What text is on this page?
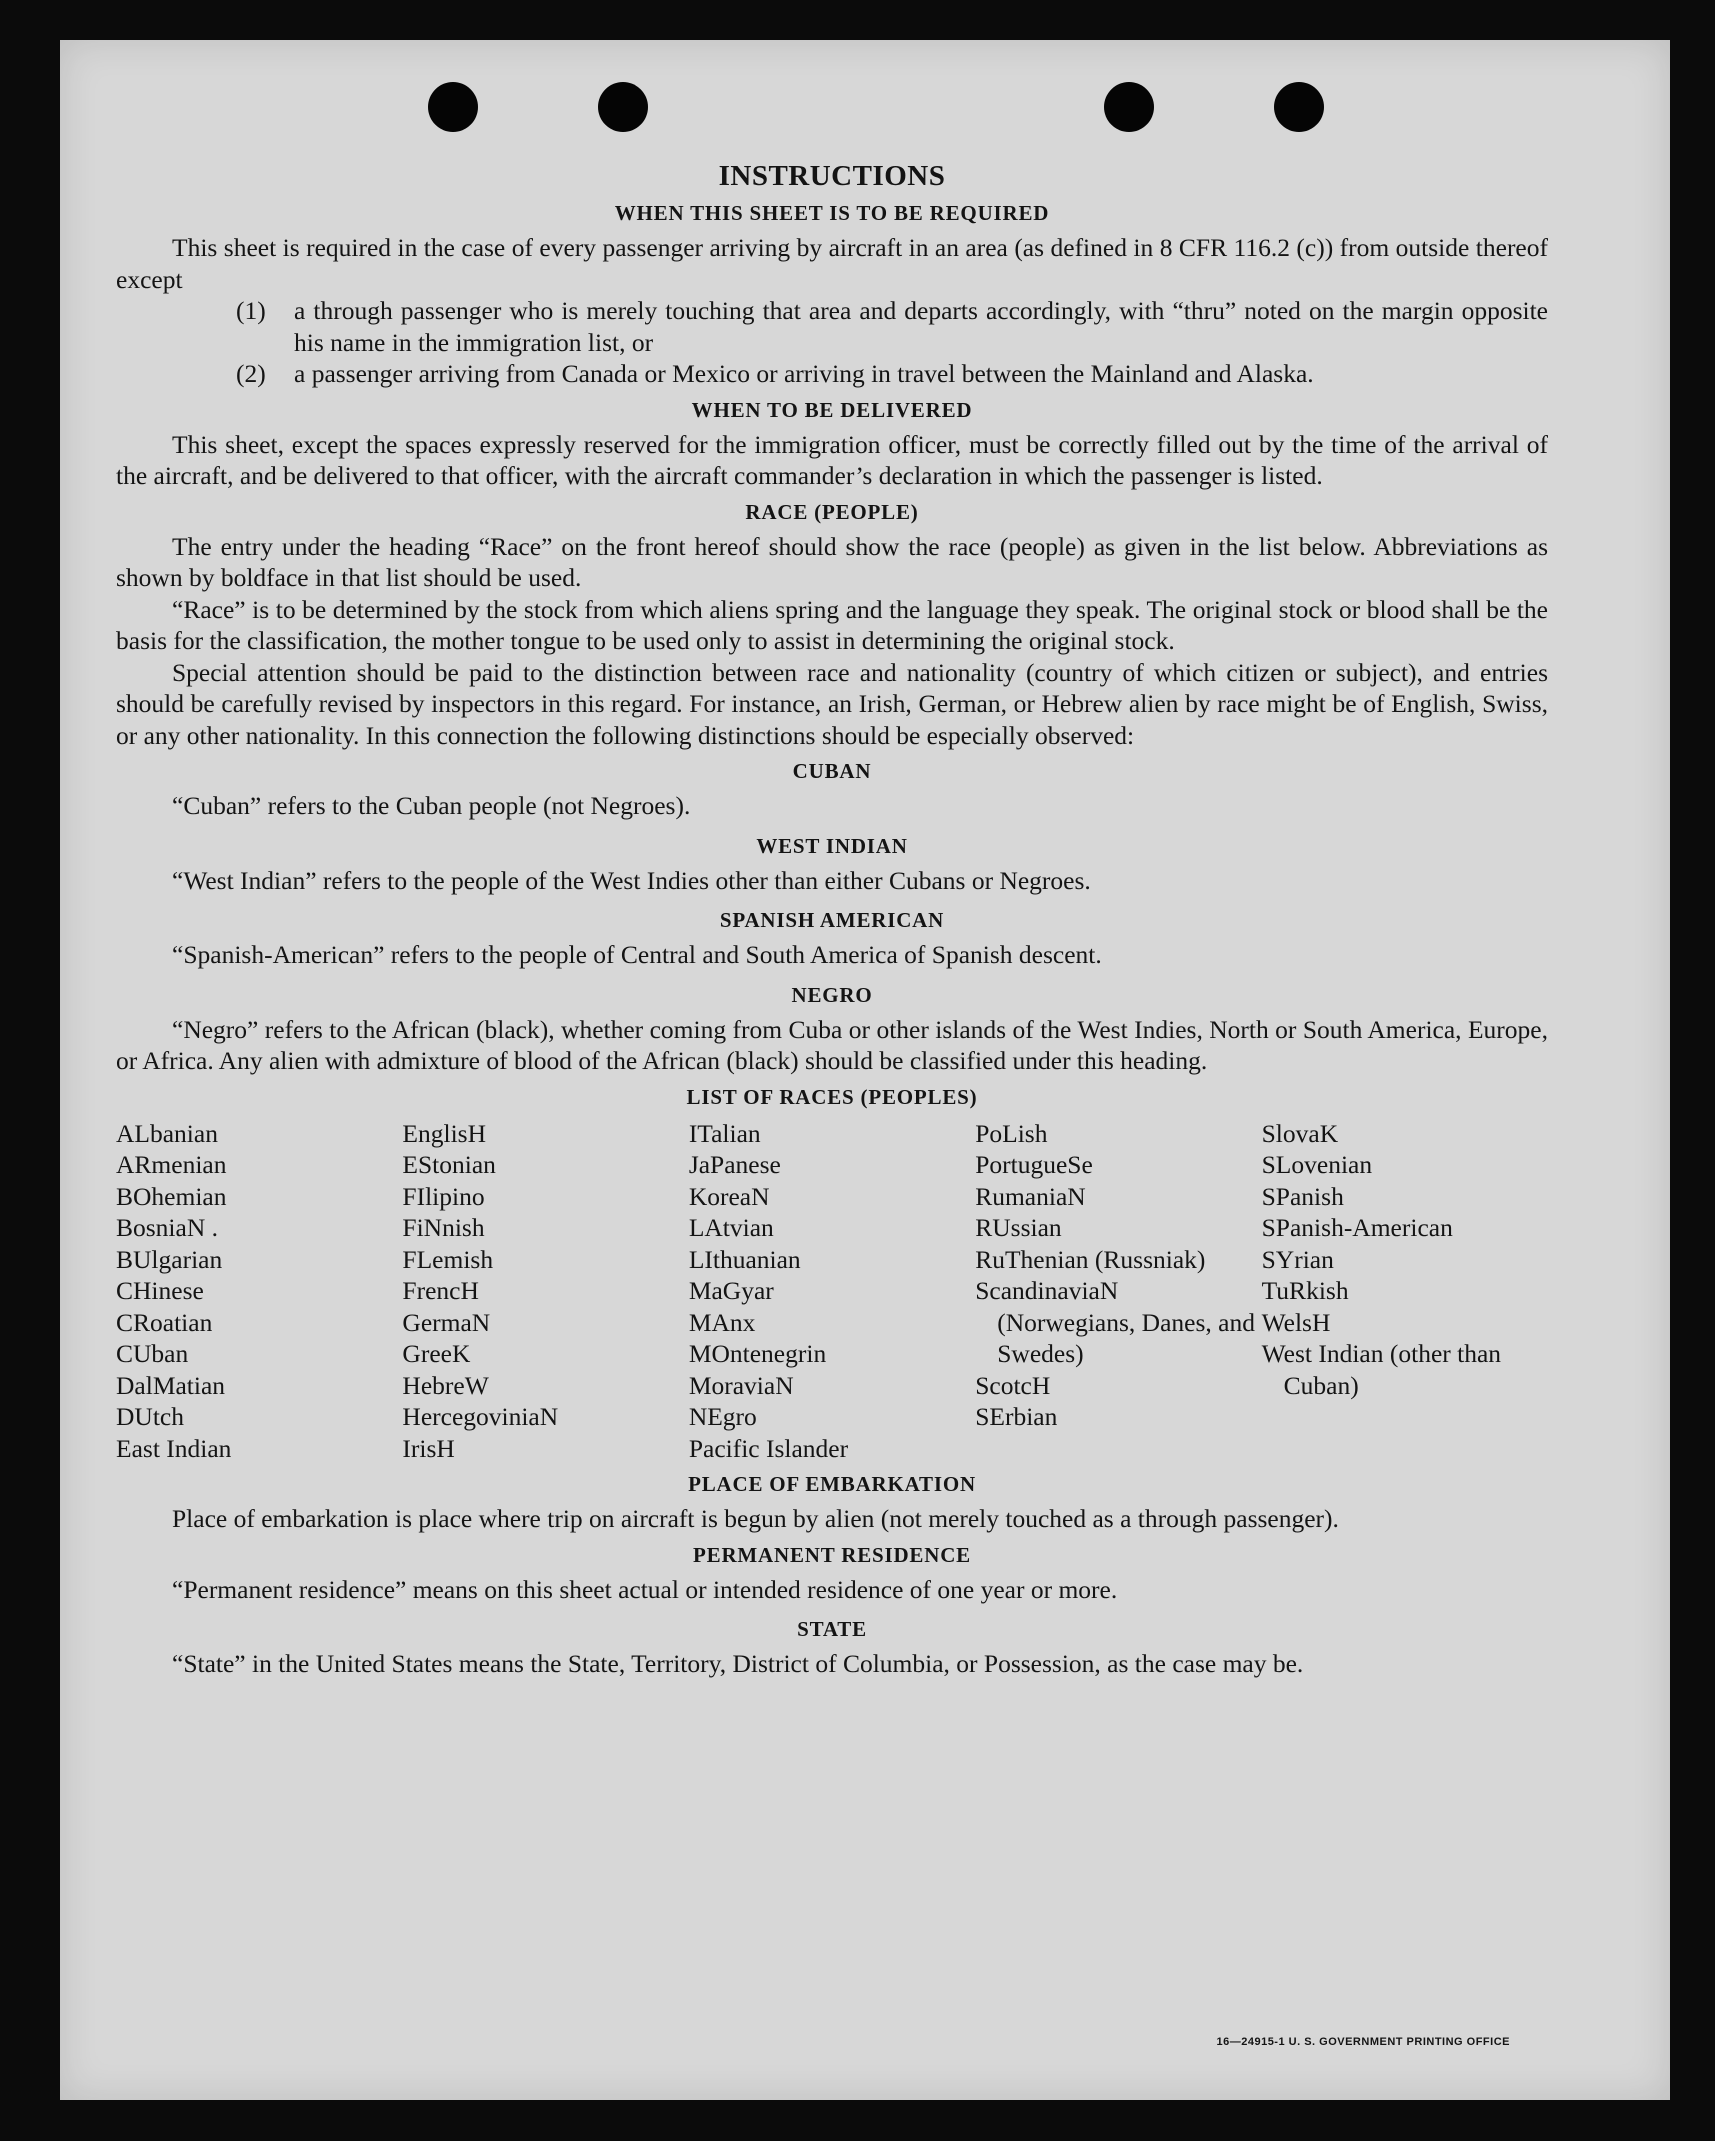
INSTRUCTIONS
WHEN THIS SHEET IS TO BE REQUIRED

This sheet is required in the case of every passenger arriving by aircraft in an area (as defined in 8 CFR 116.2 (c)) from outside thereof except

(1)	a through passenger who is merely touching that area and departs accordingly, with “thru” noted on the margin opposite his name in the immigration list, or
(2)	a passenger arriving from Canada or Mexico or arriving in travel between the Mainland and Alaska.
WHEN TO BE DELIVERED

This sheet, except the spaces expressly reserved for the immigration officer, must be correctly filled out by the time of the arrival of the aircraft, and be delivered to that officer, with the aircraft commander’s declaration in which the passenger is listed.

RACE (PEOPLE)

The entry under the heading “Race” on the front hereof should show the race (people) as given in the list below. Abbreviations as shown by boldface in that list should be used.

“Race” is to be determined by the stock from which aliens spring and the language they speak. The original stock or blood shall be the basis for the classification, the mother tongue to be used only to assist in determining the original stock.

Special attention should be paid to the distinction between race and nationality (country of which citizen or subject), and entries should be carefully revised by inspectors in this regard. For instance, an Irish, German, or Hebrew alien by race might be of English, Swiss, or any other nationality. In this connection the following distinctions should be especially observed:

CUBAN

“Cuban” refers to the Cuban people (not Negroes).

WEST INDIAN

“West Indian” refers to the people of the West Indies other than either Cubans or Negroes.

SPANISH AMERICAN

“Spanish-American” refers to the people of Central and South America of Spanish descent.

NEGRO

“Negro” refers to the African (black), whether coming from Cuba or other islands of the West Indies, North or South America, Europe, or Africa. Any alien with admixture of blood of the African (black) should be classified under this heading.

LIST OF RACES (PEOPLES)
ALbanian
ARmenian
BOhemian
BosniaN .
BUlgarian
CHinese
CRoatian
CUban
DalMatian
DUtch
East Indian
EnglisH
EStonian
FIlipino
FiNnish
FLemish
FrencH
GermaN
GreeK
HebreW
HercegoviniaN
IrisH
ITalian
JaPanese
KoreaN
LAtvian
LIthuanian
MaGyar
MAnx
MOntenegrin
MoraviaN
NEgro
Pacific Islander
PoLish
PortugueSe
RumaniaN
RUssian
RuThenian (Russniak)
ScandinaviaN (Norwegians, Danes, and Swedes)
ScotcH
SErbian
SlovaK
SLovenian
SPanish
SPanish-American
SYrian
TuRkish
WelsH
West Indian (other than Cuban)
PLACE OF EMBARKATION

Place of embarkation is place where trip on aircraft is begun by alien (not merely touched as a through passenger).

PERMANENT RESIDENCE

“Permanent residence” means on this sheet actual or intended residence of one year or more.

STATE

“State” in the United States means the State, Territory, District of Columbia, or Possession, as the case may be.

16—24915-1 U. S. GOVERNMENT PRINTING OFFICE
